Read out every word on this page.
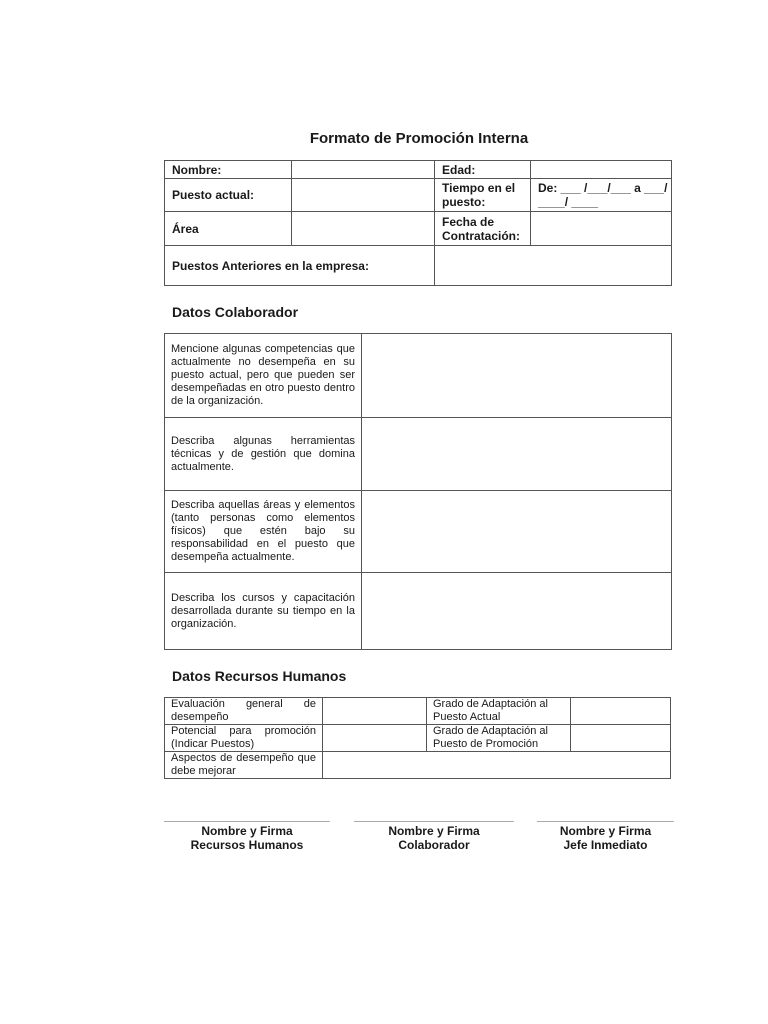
Formato de Promoción Interna
Nombre:		Edad:	
Puesto actual:		Tiempo en el puesto:	De: ___ /___/___ a ___/
____/ ____

Área		Fecha de Contratación:	
Puestos Anteriores en la empresa:			
Datos Colaborador
Mencione algunas competencias que actualmente no desempeña en su puesto actual, pero que pueden ser desempeñadas en otro puesto dentro de la organización.	
Describa algunas herramientas técnicas y de gestión que domina actualmente.	
Describa aquellas áreas y elementos (tanto personas como elementos físicos) que estén bajo su responsabilidad en el puesto que desempeña actualmente.	
Describa los cursos y capacitación desarrollada durante su tiempo en la organización.	
Datos Recursos Humanos
Evaluación general de desempeño		Grado de Adaptación al Puesto Actual	
Potencial para promoción (Indicar Puestos)		Grado de Adaptación al Puesto de Promoción	
Aspectos de desempeño que debe mejorar			
Nombre y Firma
Recursos Humanos
Nombre y Firma
Colaborador
Nombre y Firma
Jefe Inmediato
